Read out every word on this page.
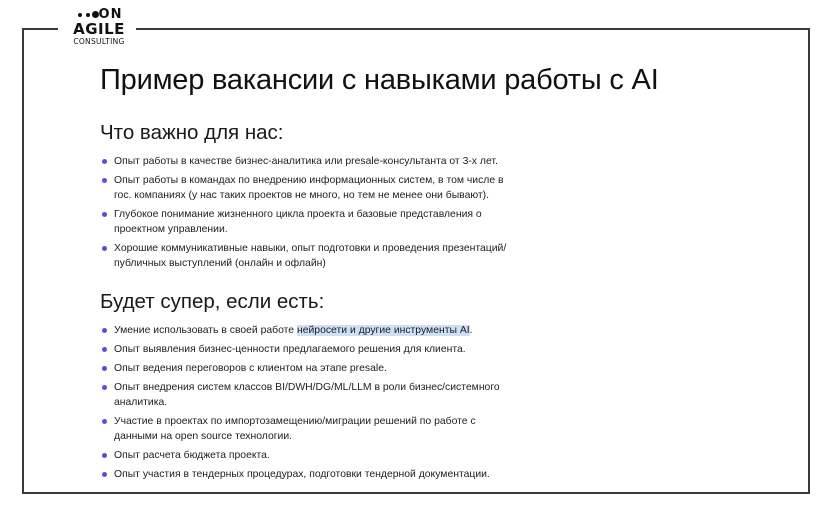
ON
AGILE
CONSULTING
Пример вакансии с навыками работы с AI
Что важно для нас:
Опыт работы в качестве бизнес-аналитика или presale-консультанта от 3-х лет.
Опыт работы в командах по внедрению информационных систем, в том числе в гос. компаниях (у нас таких проектов не много, но тем не менее они бывают).
Глубокое понимание жизненного цикла проекта и базовые представления о проектном управлении.
Хорошие коммуникативные навыки, опыт подготовки и проведения презентаций/публичных выступлений (онлайн и офлайн)
Будет супер, если есть:
Умение использовать в своей работе нейросети и другие инструменты AI.
Опыт выявления бизнес-ценности предлагаемого решения для клиента.
Опыт ведения переговоров с клиентом на этапе presale.
Опыт внедрения систем классов BI/DWH/DG/ML/LLM в роли бизнес/системного аналитика.
Участие в проектах по импортозамещению/миграции решений по работе с данными на open source технологии.
Опыт расчета бюджета проекта.
Опыт участия в тендерных процедурах, подготовки тендерной документации.
